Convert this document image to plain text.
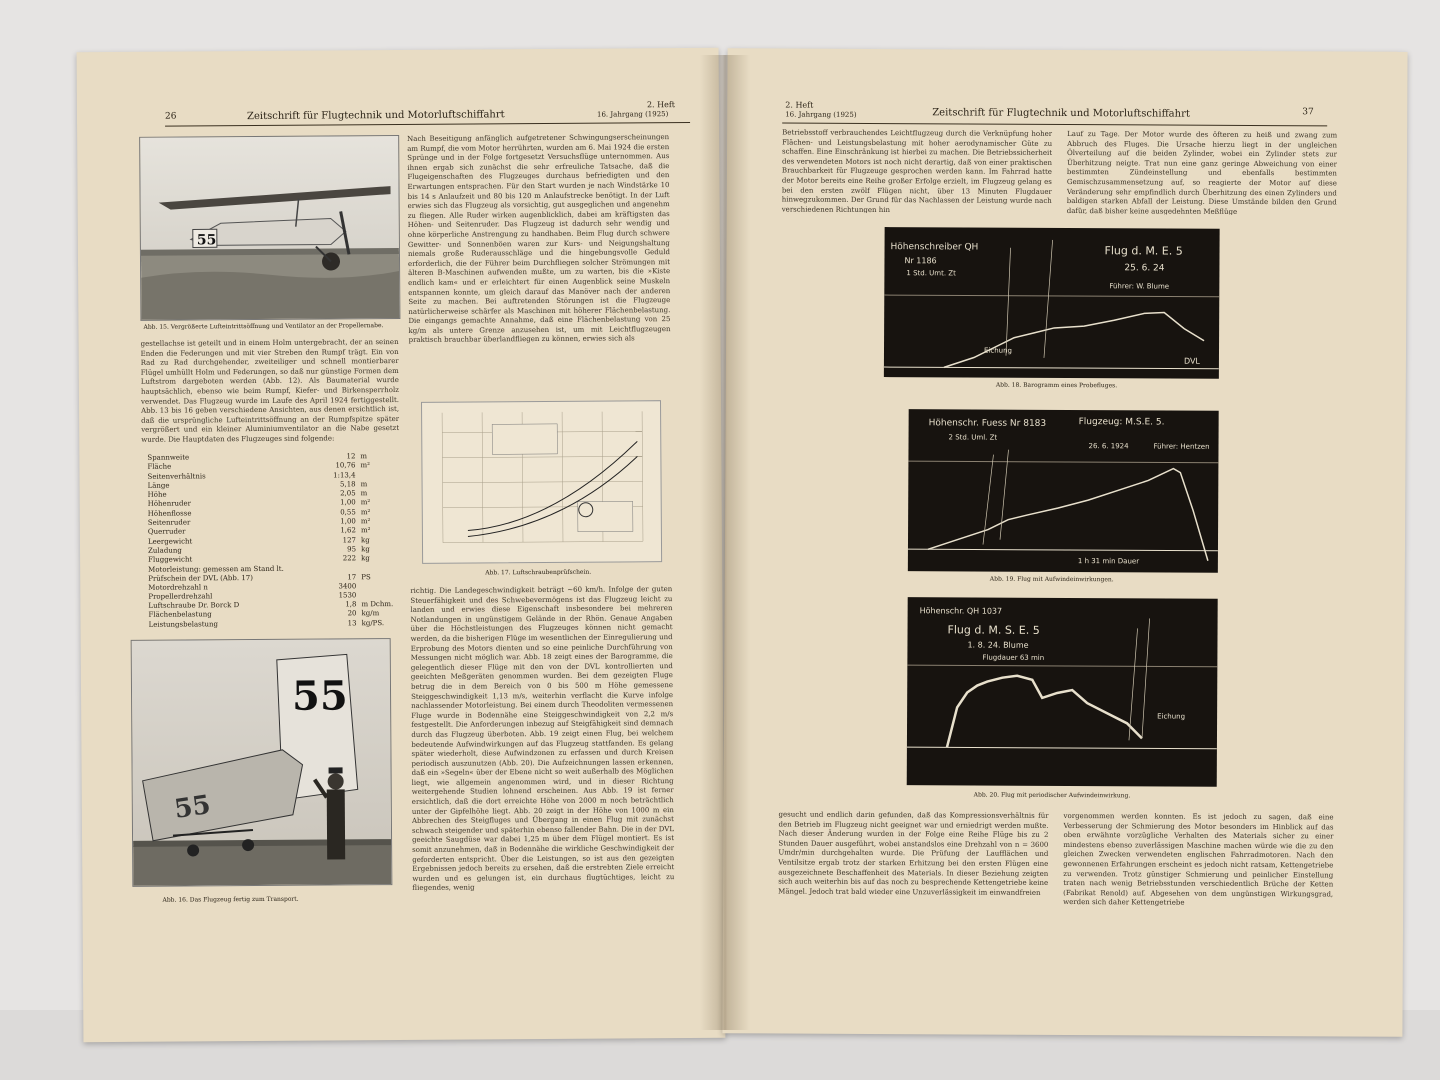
26	Zeitschrift für Flugtechnik und Motorluftschiffahrt
2. Heft
16. Jahrgang (1925)
55
Abb. 15. Vergrößerte Lufteintrittsöffnung und Ventilator an der Propellernabe.
gestellachse ist geteilt und in einem Holm untergebracht, der an seinen Enden die Federungen und mit vier Streben den Rumpf trägt. Ein von Rad zu Rad durchgehender, zweiteiliger und schnell montierbarer Flügel umhüllt Holm und Federungen, so daß nur günstige Formen dem Luftstrom dargeboten werden (Abb. 12). Als Baumaterial wurde hauptsächlich, ebenso wie beim Rumpf, Kiefer- und Birkensperrholz verwendet. Das Flugzeug wurde im Laufe des April 1924 fertiggestellt. Abb. 13 bis 16 geben verschiedene Ansichten, aus denen ersichtlich ist, daß die ursprüngliche Lufteintrittsöffnung an der Rumpfspitze später vergrößert und ein kleiner Aluminiumventilator an die Nabe gesetzt wurde. Die Hauptdaten des Flugzeuges sind folgende:
Spannweite	12 m
Fläche	10,76 m²
Seitenverhältnis	1:13,4
Länge	5,18 m
Höhe	2,05 m
Höhenruder	1,00 m²
Höhenflosse	0,55 m²
Seitenruder	1,00 m²
Querruder	1,62 m²
Leergewicht	127 kg
Zuladung	95 kg
Fluggewicht	222 kg
Motorleistung: gemessen am Stand lt. Prüfschein der DVL (Abb. 17)	17 PS
Motordrehzahl n	3400
Propellerdrehzahl	1530
Luftschraube Dr. Borck D	1,8 m Dchm.
Flächenbelastung	20 kg/m
Leistungsbelastung	13 kg/PS.
55
55
Abb. 16. Das Flugzeug fertig zum Transport.
Nach Beseitigung anfänglich aufgetretener Schwingungserscheinungen am Rumpf, die vom Motor herrührten, wurden am 6. Mai 1924 die ersten Sprünge und in der Folge fortgesetzt Versuchsflüge unternommen. Aus ihnen ergab sich zunächst die sehr erfreuliche Tatsache, daß die Flugeigenschaften des Flugzeuges durchaus befriedigten und den Erwartungen entsprachen. Für den Start wurden je nach Windstärke 10 bis 14 s Anlaufzeit und 80 bis 120 m Anlaufstrecke benötigt. In der Luft erwies sich das Flugzeug als vorsichtig, gut ausgeglichen und angenehm zu fliegen. Alle Ruder wirken augenblicklich, dabei am kräftigsten das Höhen- und Seitenruder. Das Flugzeug ist dadurch sehr wendig und ohne körperliche Anstrengung zu handhaben. Beim Flug durch schwere Gewitter- und Sonnenböen waren zur Kurs- und Neigungshaltung niemals große Ruderausschläge und die hingebungsvolle Geduld erforderlich, die der Führer beim Durchfliegen solcher Strömungen mit älteren B-Maschinen aufwenden mußte, um zu warten, bis die »Kiste endlich kam« und er erleichtert für einen Augenblick seine Muskeln entspannen konnte, um gleich darauf das Manöver nach der anderen Seite zu machen. Bei auftretenden Störungen ist die Flugzeuge natürlicherweise schärfer als Maschinen mit höherer Flächenbelastung. Die eingangs gemachte Annahme, daß eine Flächenbelastung von 25 kg/m als untere Grenze anzusehen ist, um mit Leichtflugzeugen praktisch brauchbar überlandfliegen zu können, erwies sich als
Abb. 17. Luftschraubenprüfschein.
richtig. Die Landegeschwindigkeit beträgt ∼60 km/h. Infolge der guten Steuerfähigkeit und des Schwebevermögens ist das Flugzeug leicht zu landen und erwies diese Eigenschaft insbesondere bei mehreren Notlandungen in ungünstigem Gelände in der Rhön. Genaue Angaben über die Höchstleistungen des Flugzeuges können nicht gemacht werden, da die bisherigen Flüge im wesentlichen der Einregulierung und Erprobung des Motors dienten und so eine peinliche Durchführung von Messungen nicht möglich war. Abb. 18 zeigt eines der Barogramme, die gelegentlich dieser Flüge mit den von der DVL kontrollierten und geeichten Meßgeräten genommen wurden. Bei dem gezeigten Fluge betrug die in dem Bereich von 0 bis 500 m Höhe gemessene Steiggeschwindigkeit 1,13 m/s, weiterhin verflacht die Kurve infolge nachlassender Motorleistung. Bei einem durch Theodoliten vermessenen Fluge wurde in Bodennähe eine Steiggeschwindigkeit von 2,2 m/s festgestellt. Die Anforderungen inbezug auf Steigfähigkeit sind demnach durch das Flugzeug überboten. Abb. 19 zeigt einen Flug, bei welchem bedeutende Aufwindwirkungen auf das Flugzeug stattfanden. Es gelang später wiederholt, diese Aufwindzonen zu erfassen und durch Kreisen periodisch auszunutzen (Abb. 20). Die Aufzeichnungen lassen erkennen, daß ein »Segeln« über der Ebene nicht so weit außerhalb des Möglichen liegt, wie allgemein angenommen wird, und in dieser Richtung weitergehende Studien lohnend erscheinen. Aus Abb. 19 ist ferner ersichtlich, daß die dort erreichte Höhe von 2000 m noch beträchtlich unter der Gipfelhöhe liegt. Abb. 20 zeigt in der Höhe von 1000 m ein Abbrechen des Steigfluges und Übergang in einen Flug mit zunächst schwach steigender und späterhin ebenso fallender Bahn. Die in der DVL geeichte Saugdüse war dabei 1,25 m über dem Flügel montiert. Es ist somit anzunehmen, daß in Bodennähe die wirkliche Geschwindigkeit der geforderten entspricht. Über die Leistungen, so ist aus den gezeigten Ergebnissen jedoch bereits zu ersehen, daß die erstrebten Ziele erreicht wurden und es gelungen ist, ein durchaus flugtüchtiges, leicht zu fliegendes, wenig
2. Heft
16. Jahrgang (1925)	Zeitschrift für Flugtechnik und Motorluftschiffahrt	37
Betriebsstoff verbrauchendes Leichtflugzeug durch die Verknüpfung hoher Flächen- und Leistungsbelastung mit hoher aerodynamischer Güte zu schaffen. Eine Einschränkung ist hierbei zu machen. Die Betriebssicherheit des verwendeten Motors ist noch nicht derartig, daß von einer praktischen Brauchbarkeit für Flugzeuge gesprochen werden kann. Im Fahrrad hatte der Motor bereits eine Reihe großer Erfolge erzielt, im Flugzeug gelang es bei den ersten zwölf Flügen nicht, über 13 Minuten Flugdauer hinwegzukommen. Der Grund für das Nachlassen der Leistung wurde nach verschiedenen Richtungen hin
Lauf zu Tage. Der Motor wurde des öfteren zu heiß und zwang zum Abbruch des Fluges. Die Ursache hierzu liegt in der ungleichen Ölverteilung auf die beiden Zylinder, wobei ein Zylinder stets zur Überhitzung neigte. Trat nun eine ganz geringe Abweichung von einer bestimmten Zündeinstellung und ebenfalls bestimmten Gemischzusammensetzung auf, so reagierte der Motor auf diese Veränderung sehr empfindlich durch Überhitzung des einen Zylinders und baldigen starken Abfall der Leistung. Diese Umstände bilden den Grund dafür, daß bisher keine ausgedehnten Meßflüge
Höhenschreiber QH
Nr 1186
1 Std. Umt. Zt
Flug d. M. E. 5
25. 6. 24
Führer: W. Blume
Eichung
DVL
Abb. 18. Barogramm eines Probefluges.
Höhenschr. Fuess Nr 8183
2 Std. Uml. Zt
Flugzeug: M.S.E. 5.
26. 6. 1924	Führer: Hentzen
1 h 31 min Dauer
Abb. 19. Flug mit Aufwindeinwirkungen.
Höhenschr. QH 1037
Flug d. M. S. E. 5
1. 8. 24. Blume
Flugdauer 63 min
Eichung
Abb. 20. Flug mit periodischer Aufwindeinwirkung.
gesucht und endlich darin gefunden, daß das Kompressionsverhältnis für den Betrieb im Flugzeug nicht geeignet war und erniedrigt werden mußte. Nach dieser Änderung wurden in der Folge eine Reihe Flüge bis zu 2 Stunden Dauer ausgeführt, wobei anstandslos eine Drehzahl von n = 3600 Umdr/min durchgehalten wurde. Die Prüfung der Laufflächen und Ventilsitze ergab trotz der starken Erhitzung bei den ersten Flügen eine ausgezeichnete Beschaffenheit des Materials. In dieser Beziehung zeigten sich auch weiterhin bis auf das noch zu besprechende Kettengetriebe keine Mängel. Jedoch trat bald wieder eine Unzuverlässigkeit im einwandfreien
vorgenommen werden konnten. Es ist jedoch zu sagen, daß eine Verbesserung der Schmierung des Motor besonders im Hinblick auf das oben erwähnte vorzügliche Verhalten des Materials sicher zu einer mindestens ebenso zuverlässigen Maschine machen würde wie die zu den gleichen Zwecken verwendeten englischen Fahrradmotoren. Nach den gewonnenen Erfahrungen erscheint es jedoch nicht ratsam, Kettengetriebe zu verwenden. Trotz günstiger Schmierung und peinlicher Einstellung traten nach wenig Betriebsstunden verschiedentlich Brüche der Ketten (Fabrikat Renold) auf. Abgesehen von dem ungünstigen Wirkungsgrad, werden sich daher Kettengetriebe
